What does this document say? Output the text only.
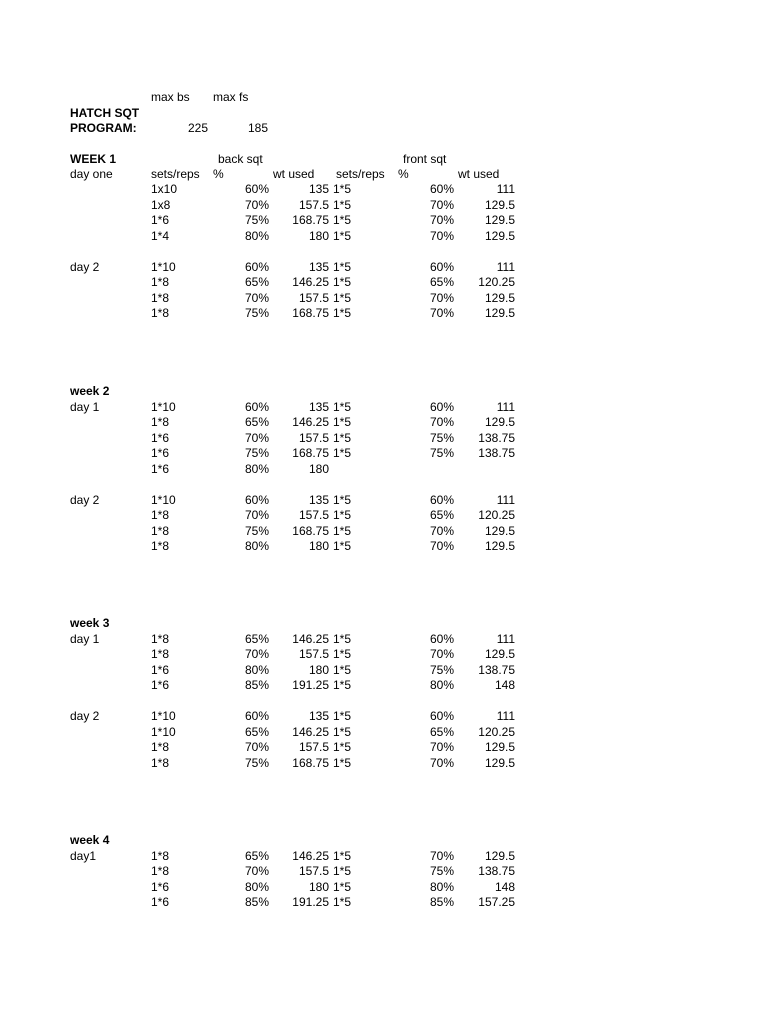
max bs max fs
HATCH SQT
PROGRAM:	225	185
back sqt	front sqt
sets/reps %	wt used sets/reps %	wt used
WEEK 1
day one
1x10	60%	135 1*5	60%	111
1x8	70%	157.5 1*5	70%	129.5
1*6	75%	168.75 1*5	70%	129.5
1*4	80%	180 1*5	70%	129.5
day 2	1*10	60%	135 1*5	60%	111
1*8	65%	146.25 1*5	65%	120.25
1*8	70%	157.5 1*5	70%	129.5
1*8	75%	168.75 1*5	70%	129.5
week 2
day 1	1*10	60%	135 1*5	60%	111
1*8	65%	146.25 1*5	70%	129.5
1*6	70%	157.5 1*5	75%	138.75
1*6	75%	168.75 1*5	75%	138.75
1*6	80%	180
day 2	1*10	60%	135 1*5	60%	111
1*8	70%	157.5 1*5	65%	120.25
1*8	75%	168.75 1*5	70%	129.5
1*8	80%	180 1*5	70%	129.5
week 3
day 1	1*8	65%	146.25 1*5	60%	111
1*8	70%	157.5 1*5	70%	129.5
1*6	80%	180 1*5	75%	138.75
1*6	85%	191.25 1*5	80%	148
day 2	1*10	60%	135 1*5	60%	111
1*10	65%	146.25 1*5	65%	120.25
1*8	70%	157.5 1*5	70%	129.5
1*8	75%	168.75 1*5	70%	129.5
week 4
day1	1*8	65%	146.25 1*5	70%	129.5
1*8	70%	157.5 1*5	75%	138.75
1*6	80%	180 1*5	80%	148
1*6	85%	191.25 1*5	85%	157.25
